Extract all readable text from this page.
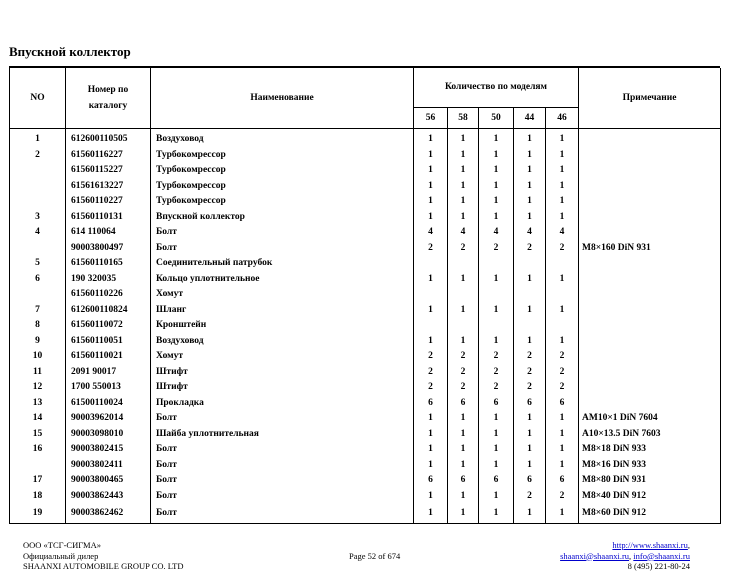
Впускной коллектор
NO	Номер по каталогу	Наименование	Количество по моделям					Примечание
			56	58	50	44	46	
1	612600110505	Воздуховод	1	1	1	1	1	
2	61560116227	Турбокомрессор	1	1	1	1	1	
	61560115227	Турбокомрессор	1	1	1	1	1	
	61561613227	Турбокомрессор	1	1	1	1	1	
	61560110227	Турбокомрессор	1	1	1	1	1	
3	61560110131	Впускной коллектор	1	1	1	1	1	
4	614 110064	Болт	4	4	4	4	4	
	90003800497	Болт	2	2	2	2	2	M8×160 DiN 931
5	61560110165	Соединительный патрубок						
6	190 320035	Кольцо уплотнительное	1	1	1	1	1	
	61560110226	Хомут						
7	612600110824	Шланг	1	1	1	1	1	
8	61560110072	Кронштейн						
9	61560110051	Воздуховод	1	1	1	1	1	
10	61560110021	Хомут	2	2	2	2	2	
11	2091 90017	Штифт	2	2	2	2	2	
12	1700 550013	Штифт	2	2	2	2	2	
13	61500110024	Прокладка	6	6	6	6	6	
14	90003962014	Болт	1	1	1	1	1	AM10×1 DiN 7604
15	90003098010	Шайба уплотнительная	1	1	1	1	1	A10×13.5 DiN 7603
16	90003802415	Болт	1	1	1	1	1	M8×18 DiN 933
	90003802411	Болт	1	1	1	1	1	M8×16 DiN 933
17	90003800465	Болт	6	6	6	6	6	M8×80 DiN 931
18	90003862443	Болт	1	1	1	2	2	M8×40 DiN 912
19	90003862462	Болт	1	1	1	1	1	M8×60 DiN 912
ООО «ТСГ-СИГМА»
Официальный дилер
SHAANXI AUTOMOBILE GROUP CO. LTD
Page 52 of 674
http://www.shaanxi.ru,
shaanxi@shaanxi.ru, info@shaanxi.ru
8 (495) 221-80-24
